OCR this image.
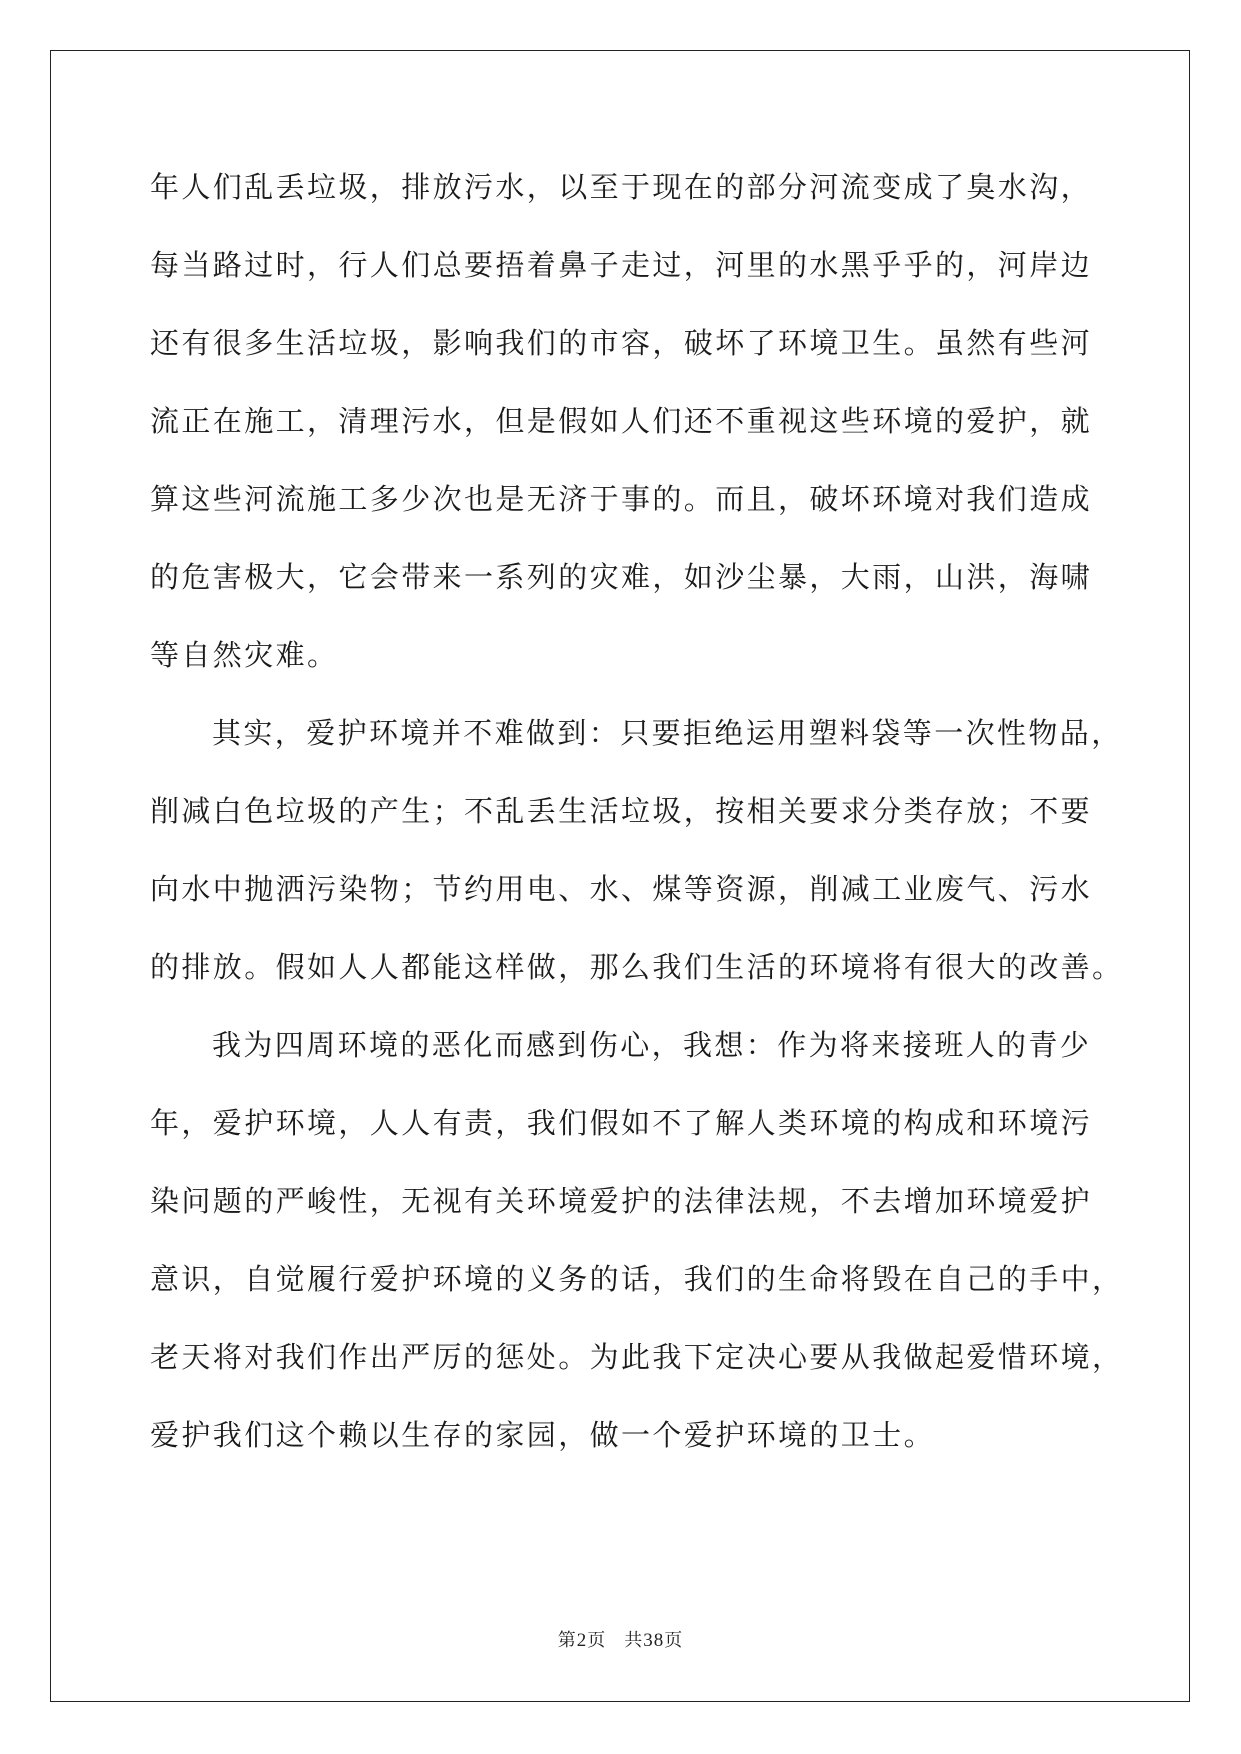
年人们乱丢垃圾，排放污水，以至于现在的部分河流变成了臭水沟，
每当路过时，行人们总要捂着鼻子走过，河里的水黑乎乎的，河岸边
还有很多生活垃圾，影响我们的市容，破坏了环境卫生。虽然有些河
流正在施工，清理污水，但是假如人们还不重视这些环境的爱护，就
算这些河流施工多少次也是无济于事的。而且，破坏环境对我们造成
的危害极大，它会带来一系列的灾难，如沙尘暴，大雨，山洪，海啸
等自然灾难。
其实，爱护环境并不难做到：只要拒绝运用塑料袋等一次性物品，
削减白色垃圾的产生；不乱丢生活垃圾，按相关要求分类存放；不要
向水中抛洒污染物；节约用电、水、煤等资源，削减工业废气、污水
的排放。假如人人都能这样做，那么我们生活的环境将有很大的改善。
我为四周环境的恶化而感到伤心，我想：作为将来接班人的青少
年，爱护环境，人人有责，我们假如不了解人类环境的构成和环境污
染问题的严峻性，无视有关环境爱护的法律法规，不去增加环境爱护
意识，自觉履行爱护环境的义务的话，我们的生命将毁在自己的手中，
老天将对我们作出严厉的惩处。为此我下定决心要从我做起爱惜环境，
爱护我们这个赖以生存的家园，做一个爱护环境的卫士。
第2页 共38页
